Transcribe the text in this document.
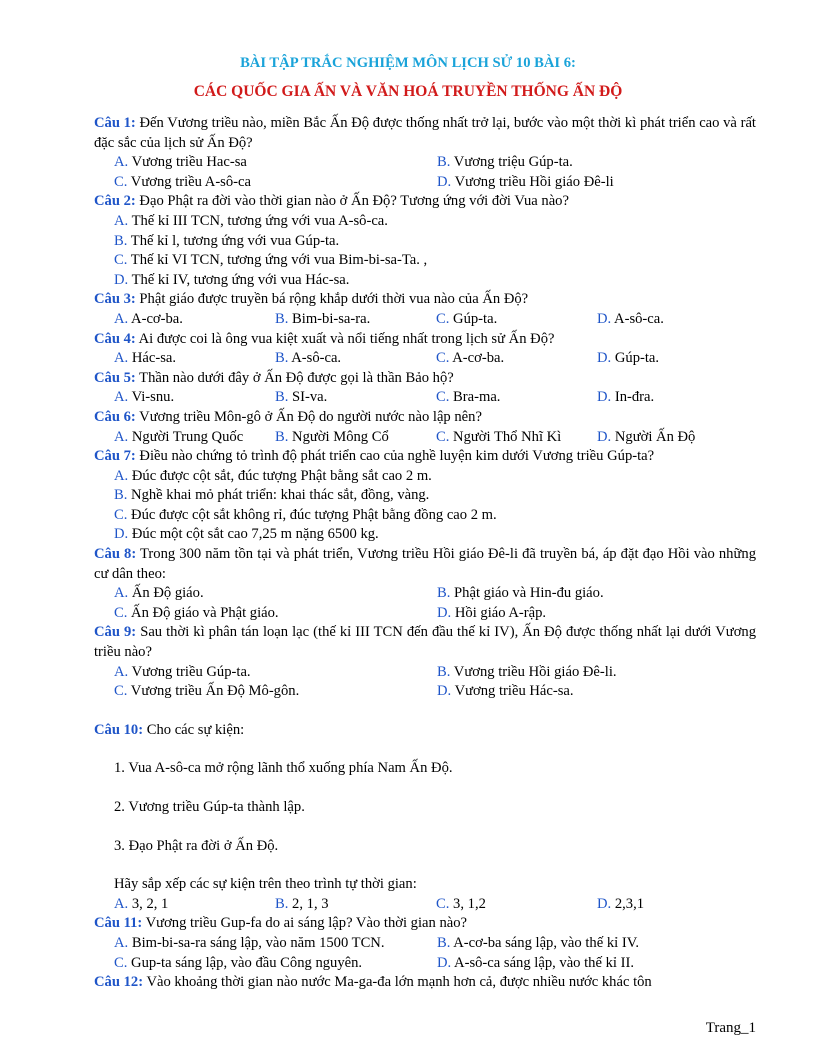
BÀI TẬP TRẮC NGHIỆM MÔN LỊCH SỬ 10 BÀI 6:
CÁC QUỐC GIA ẤN VÀ VĂN HOÁ TRUYỀN THỐNG ẤN ĐỘ

Câu 1: Đến Vương triều nào, miền Bắc Ấn Độ được thống nhất trở lại, bước vào một thời kì phát triển cao và rất đặc sắc của lịch sử Ấn Độ?

A. Vương triều Hac-sa	B. Vương triệu Gúp-ta.
C. Vương triều A-sô-ca	D. Vương triều Hồi giáo Đê-li

Câu 2: Đạo Phật ra đời vào thời gian nào ở Ấn Độ? Tương ứng với đời Vua nào?

A. Thế kỉ III TCN, tương ứng với vua A-sô-ca.
B. Thế kỉ l, tương ứng với vua Gúp-ta.
C. Thế kỉ VI TCN, tương ứng với vua Bim-bi-sa-Ta. ,
D. Thế kỉ IV, tương ứng với vua Hác-sa.

Câu 3: Phật giáo được truyền bá rộng khắp dưới thời vua nào của Ấn Độ?

A. A-cơ-ba.	B. Bim-bi-sa-ra.	C. Gúp-ta.	D. A-sô-ca.

Câu 4: Ai được coi là ông vua kiệt xuất và nổi tiếng nhất trong lịch sử Ấn Độ?

A. Hác-sa.	B. A-sô-ca.	C. A-cơ-ba.	D. Gúp-ta.

Câu 5: Thần nào dưới đây ở Ấn Độ được gọi là thần Bảo hộ?

A. Vi-snu.	B. SI-va.	C. Bra-ma.	D. In-đra.

Câu 6: Vương triều Môn-gô ở Ấn Độ do người nước nào lập nên?

A. Người Trung Quốc	B. Người Mông Cổ	C. Người Thổ Nhĩ Kì	D. Người Ấn Độ

Câu 7: Điều nào chứng tỏ trình độ phát triển cao của nghề luyện kim dưới Vương triều Gúp-ta?

A. Đúc được cột sắt, đúc tượng Phật bằng sắt cao 2 m.
B. Nghề khai mỏ phát triển: khai thác sắt, đồng, vàng.
C. Đúc được cột sắt không rỉ, đúc tượng Phật bằng đồng cao 2 m.
D. Đúc một cột sắt cao 7,25 m nặng 6500 kg.

Câu 8: Trong 300 năm tồn tại và phát triển, Vương triều Hồi giáo Đê-li đã truyền bá, áp đặt đạo Hồi vào những cư dân theo:

A. Ấn Độ giáo.	B. Phật giáo và Hin-đu giáo.
C. Ấn Độ giáo và Phật giáo.	D. Hồi giáo A-rập.

Câu 9: Sau thời kì phân tán loạn lạc (thế kỉ III TCN đến đầu thế kỉ IV), Ấn Độ được thống nhất lại dưới Vương triều nào?

A. Vương triều Gúp-ta.	B. Vương triều Hồi giáo Đê-li.
C. Vương triều Ấn Độ Mô-gôn.	D. Vương triều Hác-sa.

Câu 10: Cho các sự kiện:

1. Vua A-sô-ca mở rộng lãnh thổ xuống phía Nam Ấn Độ.

2. Vương triều Gúp-ta thành lập.

3. Đạo Phật ra đời ở Ấn Độ.

Hãy sắp xếp các sự kiện trên theo trình tự thời gian:

A. 3, 2, 1	B. 2, 1, 3	C. 3, 1,2	D. 2,3,1

Câu 11: Vương triều Gup-fa do ai sáng lập? Vào thời gian nào?

A. Bim-bi-sa-ra sáng lập, vào năm 1500 TCN.	B. A-cơ-ba sáng lập, vào thế kỉ IV.
C. Gup-ta sáng lập, vào đầu Công nguyên.	D. A-sô-ca sáng lập, vào thế kỉ II.

Câu 12: Vào khoảng thời gian nào nước Ma-ga-đa lớn mạnh hơn cả, được nhiều nước khác tôn

Trang_1
